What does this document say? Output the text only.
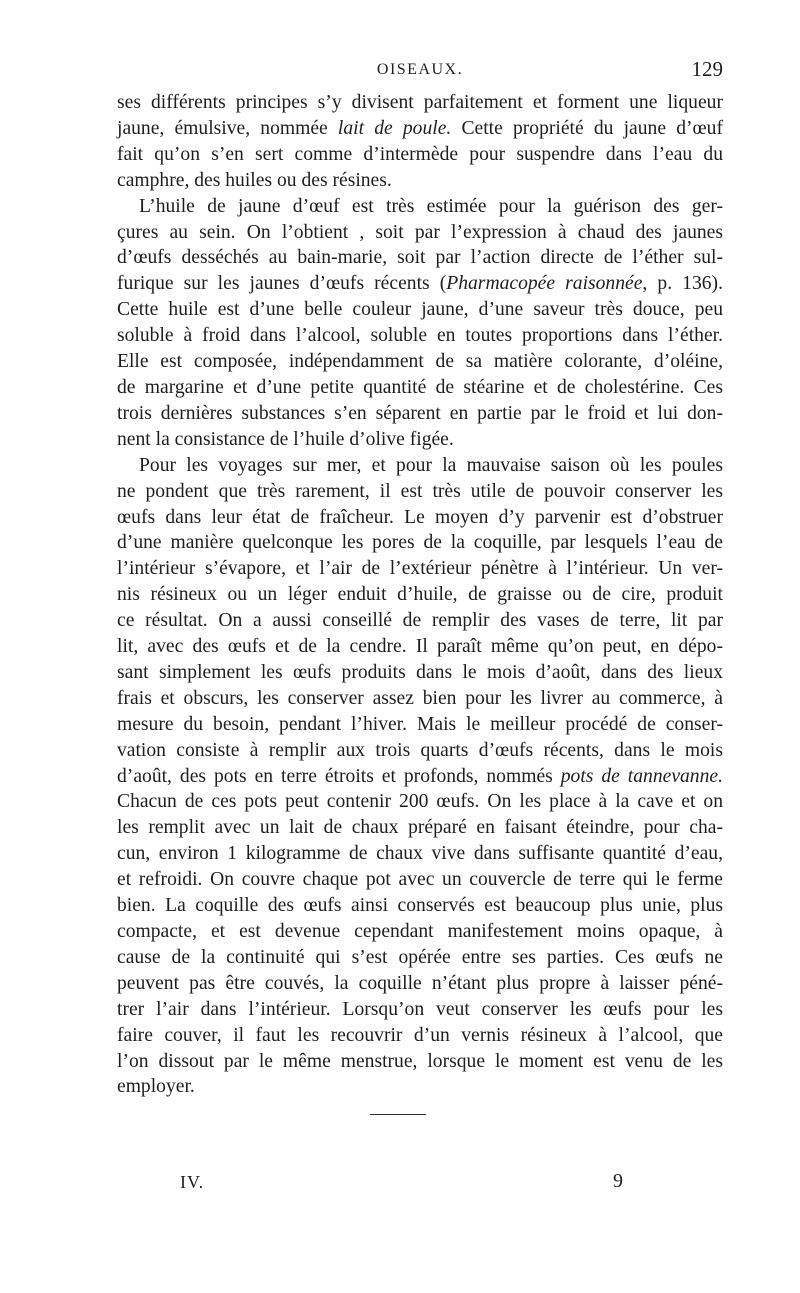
OISEAUX.	129
ses différents principes s’y divisent parfaitement et forment une liqueur
jaune, émulsive, nommée lait de poule. Cette propriété du jaune d’œuf
fait qu’on s’en sert comme d’intermède pour suspendre dans l’eau du
camphre, des huiles ou des résines.
L’huile de jaune d’œuf est très estimée pour la guérison des ger-
çures au sein. On l’obtient , soit par l’expression à chaud des jaunes
d’œufs desséchés au bain-marie, soit par l’action directe de l’éther sul-
furique sur les jaunes d’œufs récents (Pharmacopée raisonnée, p. 136).
Cette huile est d’une belle couleur jaune, d’une saveur très douce, peu
soluble à froid dans l’alcool, soluble en toutes proportions dans l’éther.
Elle est composée, indépendamment de sa matière colorante, d’oléine,
de margarine et d’une petite quantité de stéarine et de cholestérine. Ces
trois dernières substances s’en séparent en partie par le froid et lui don-
nent la consistance de l’huile d’olive figée.
Pour les voyages sur mer, et pour la mauvaise saison où les poules
ne pondent que très rarement, il est très utile de pouvoir conserver les
œufs dans leur état de fraîcheur. Le moyen d’y parvenir est d’obstruer
d’une manière quelconque les pores de la coquille, par lesquels l’eau de
l’intérieur s’évapore, et l’air de l’extérieur pénètre à l’intérieur. Un ver-
nis résineux ou un léger enduit d’huile, de graisse ou de cire, produit
ce résultat. On a aussi conseillé de remplir des vases de terre, lit par
lit, avec des œufs et de la cendre. Il paraît même qu’on peut, en dépo-
sant simplement les œufs produits dans le mois d’août, dans des lieux
frais et obscurs, les conserver assez bien pour les livrer au commerce, à
mesure du besoin, pendant l’hiver. Mais le meilleur procédé de conser-
vation consiste à remplir aux trois quarts d’œufs récents, dans le mois
d’août, des pots en terre étroits et profonds, nommés pots de tannevanne.
Chacun de ces pots peut contenir 200 œufs. On les place à la cave et on
les remplit avec un lait de chaux préparé en faisant éteindre, pour cha-
cun, environ 1 kilogramme de chaux vive dans suffisante quantité d’eau,
et refroidi. On couvre chaque pot avec un couvercle de terre qui le ferme
bien. La coquille des œufs ainsi conservés est beaucoup plus unie, plus
compacte, et est devenue cependant manifestement moins opaque, à
cause de la continuité qui s’est opérée entre ses parties. Ces œufs ne
peuvent pas être couvés, la coquille n’étant plus propre à laisser péné-
trer l’air dans l’intérieur. Lorsqu’on veut conserver les œufs pour les
faire couver, il faut les recouvrir d’un vernis résineux à l’alcool, que
l’on dissout par le même menstrue, lorsque le moment est venu de les
employer.
IV.	9
